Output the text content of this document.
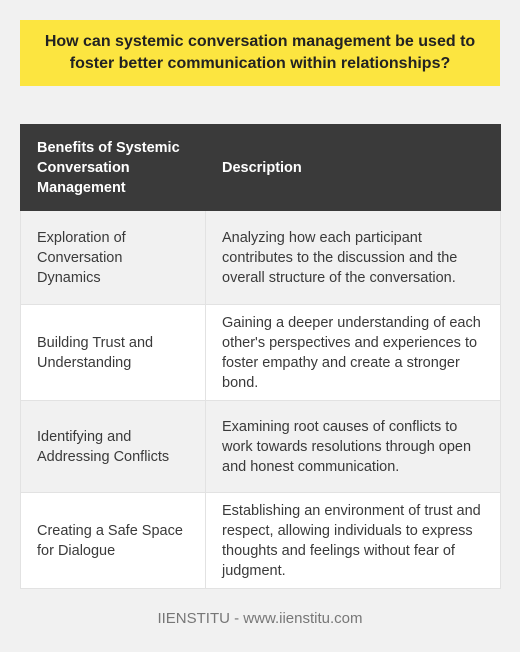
How can systemic conversation management be used to foster better communication within relationships?
Benefits of Systemic Conversation Management	Description
Exploration of Conversation Dynamics	Analyzing how each participant contributes to the discussion and the overall structure of the conversation.
Building Trust and Understanding	Gaining a deeper understanding of each other's perspectives and experiences to foster empathy and create a stronger bond.
Identifying and Addressing Conflicts	Examining root causes of conflicts to work towards resolutions through open and honest communication.
Creating a Safe Space for Dialogue	Establishing an environment of trust and respect, allowing individuals to express thoughts and feelings without fear of judgment.
IIENSTITU - www.iienstitu.com
